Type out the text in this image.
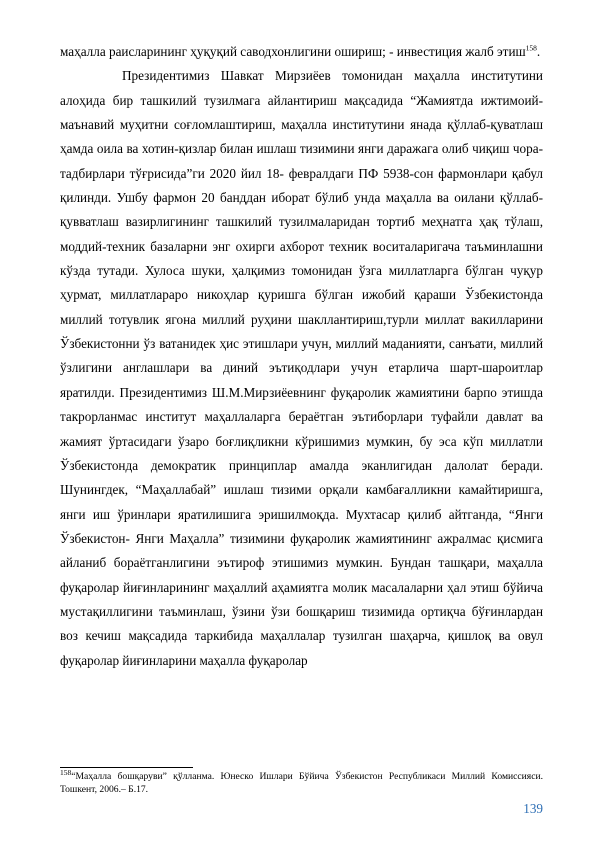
маҳалла раисларининг ҳуқуқий саводхонлигини ошириш; - инвестиция жалб этиш$^{158}$.

Президентимиз Шавкат Мирзиёев томонидан маҳалла институтини алоҳида бир ташкилий тузилмага айлантириш мақсадида “Жамиятда ижтимоий-маънавий муҳитни соғломлаштириш, маҳалла институтини янада қўллаб-қуватлаш ҳамда оила ва хотин-қизлар билан ишлаш тизимини янги даражага олиб чиқиш чора-тадбирлари тўғрисида”ги 2020 йил 18- февралдаги ПФ 5938-сон фармонлари қабул қилинди. Ушбу фармон 20 банддан иборат бўлиб унда маҳалла ва оилани қўллаб-қувватлаш вазирлигининг ташкилий тузилмаларидан тортиб меҳнатга ҳақ тўлаш, моддий-техник базаларни энг охирги ахборот техник воситаларигача таъминлашни кўзда тутади. Хулоса шуки, ҳалқимиз томонидан ўзга миллатларга бўлган чуқур ҳурмат, миллатлараро никоҳлар қуришга бўлган ижобий қараши Ўзбекистонда миллий тотувлик ягона миллий руҳини шакллантириш,турли миллат вакилларини Ўзбекистонни ўз ватанидек ҳис этишлари учун, миллий маданияти, санъати, миллий ўзлигини англашлари ва диний эътиқодлари учун етарлича шарт-шароитлар яратилди. Президентимиз Ш.М.Мирзиёевнинг фуқаролик жамиятини барпо этишда такрорланмас институт маҳаллаларга бераётган эътиборлари туфайли давлат ва жамият ўртасидаги ўзаро боғлиқликни кўришимиз мумкин, бу эса кўп миллатли Ўзбекистонда демократик принциплар амалда эканлигидан далолат беради. Шунингдек, “Маҳаллабай” ишлаш тизими орқали камбағалликни камайтиришга, янги иш ўринлари яратилишига эришилмоқда. Мухтасар қилиб айтганда, “Янги Ўзбекистон- Янги Маҳалла” тизимини фуқаролик жамиятининг ажралмас қисмига айланиб бораётганлигини эътироф этишимиз мумкин. Бундан ташқари, маҳалла фуқаролар йиғинларининг маҳаллий аҳамиятга молик масалаларни ҳал этиш бўйича мустақиллигини таъминлаш, ўзини ўзи бошқариш тизимида ортиқча бўғинлардан воз кечиш мақсадида таркибида маҳаллалар тузилган шаҳарча, қишлоқ ва овул фуқаролар йиғинларини маҳалла фуқаролар

$^{158}$“Маҳалла бошқаруви” қўлланма. Юнеско Ишлари Бўйича Ўзбекистон Республикаси Миллий Комиссияси. Тошкент, 2006.– Б.17.
139
